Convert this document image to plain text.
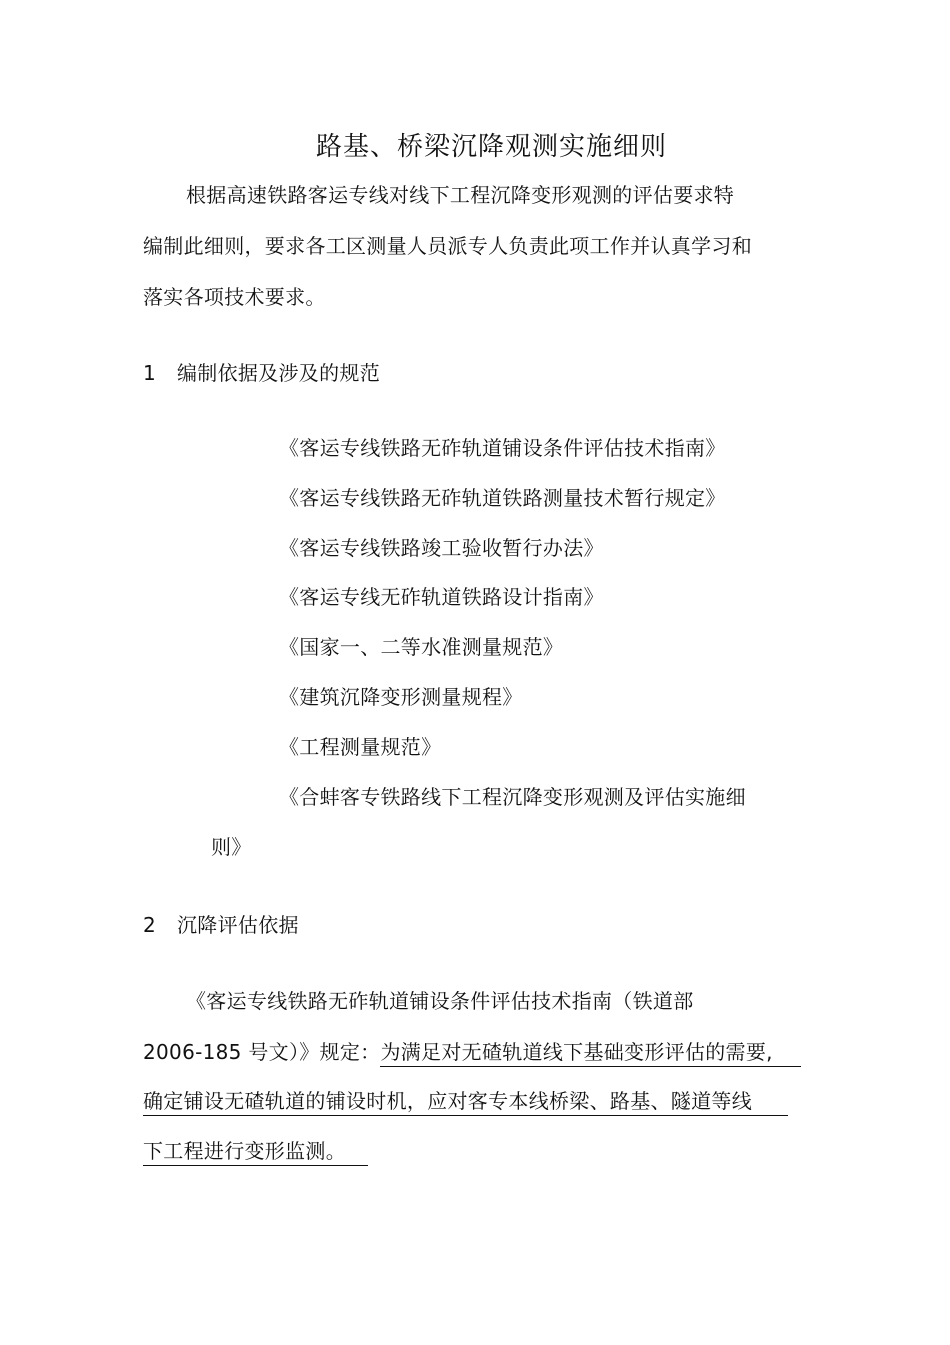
路基、桥梁沉降观测实施细则
根据高速铁路客运专线对线下工程沉降变形观测的评估要求特
编制此细则，要求各工区测量人员派专人负责此项工作并认真学习和
落实各项技术要求。
1 编制依据及涉及的规范
《客运专线铁路无砟轨道铺设条件评估技术指南》
《客运专线铁路无砟轨道铁路测量技术暂行规定》
《客运专线铁路竣工验收暂行办法》
《客运专线无砟轨道铁路设计指南》
《国家一、二等水准测量规范》
《建筑沉降变形测量规程》
《工程测量规范》
《合蚌客专铁路线下工程沉降变形观测及评估实施细
则》
2 沉降评估依据
《客运专线铁路无砟轨道铺设条件评估技术指南（铁道部
2006-185 号文）》规定：为满足对无碴轨道线下基础变形评估的需要,
确定铺设无碴轨道的铺设时机，应对客专本线桥梁、路基、隧道等线
下工程进行变形监测。
